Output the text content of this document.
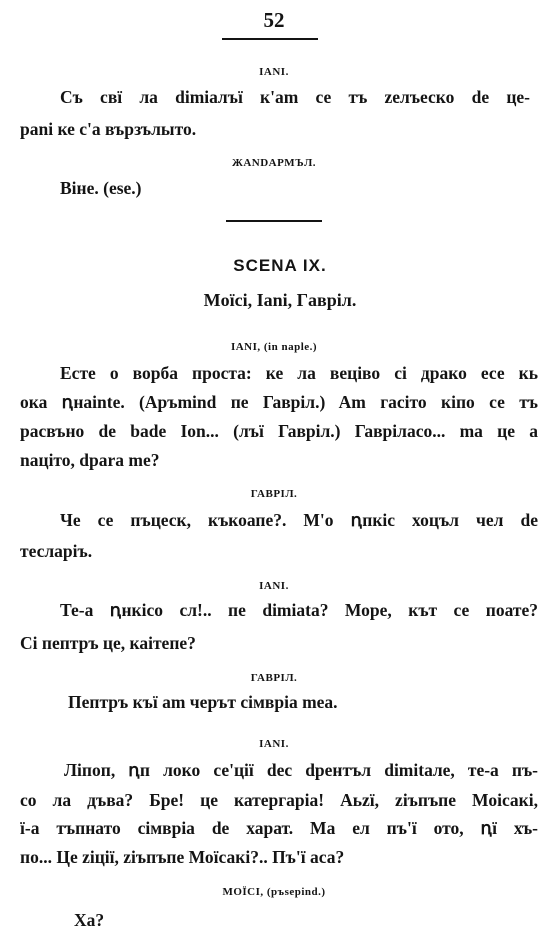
52
IANI.
Съ свї ла dimiaлъї к'am се тъ zелъеско de цe-
pani ке с'а вързълыто.
ЖANDAPMЪЛ.
Віне. (ese.)
SCENA IX.
Moїci, Iani, Гaвpiл.
IANI, (in naple.)
Есте о ворба проста: ке ла вецiво сi драко есе кь
ока ꞑнаinte. (Аръmind пе Гавріл.) Am гасіто кіпо се тъ
расвъно de bade Ion... (лъї Гавріл.) Гавріласо... ma це а
naціто, dpara me?
ГАВРІЛ.
Че се пъцеск, къкоапе?. М'о ꞑпкіс хоцъл чел de
теслapiъ.
IANI.
Те-а ꞑнкісо сл!.. пе dimiata? Море, кът се поате?
Сі пептръ це, каітепе?
ГАВРІЛ.
Пептръ къї am черът сімвріа mea.
IANI.
Ліпоп, ꞑп локо се'ції dec dpeнтъл dimitaле, те-а пъ-
со ла дъва? Бре! це катергаріа! Аьzї, zіъпъпе Моісакі,
ї-а тъпнато сімвріа de харат. Ма ел пъ'ї ото, ꞑї хъ-
по... Це zіції, zіъпъпе Моїсакі?.. Пъ'ї аса?
MOЇCI, (ръsepind.)
Ха?
